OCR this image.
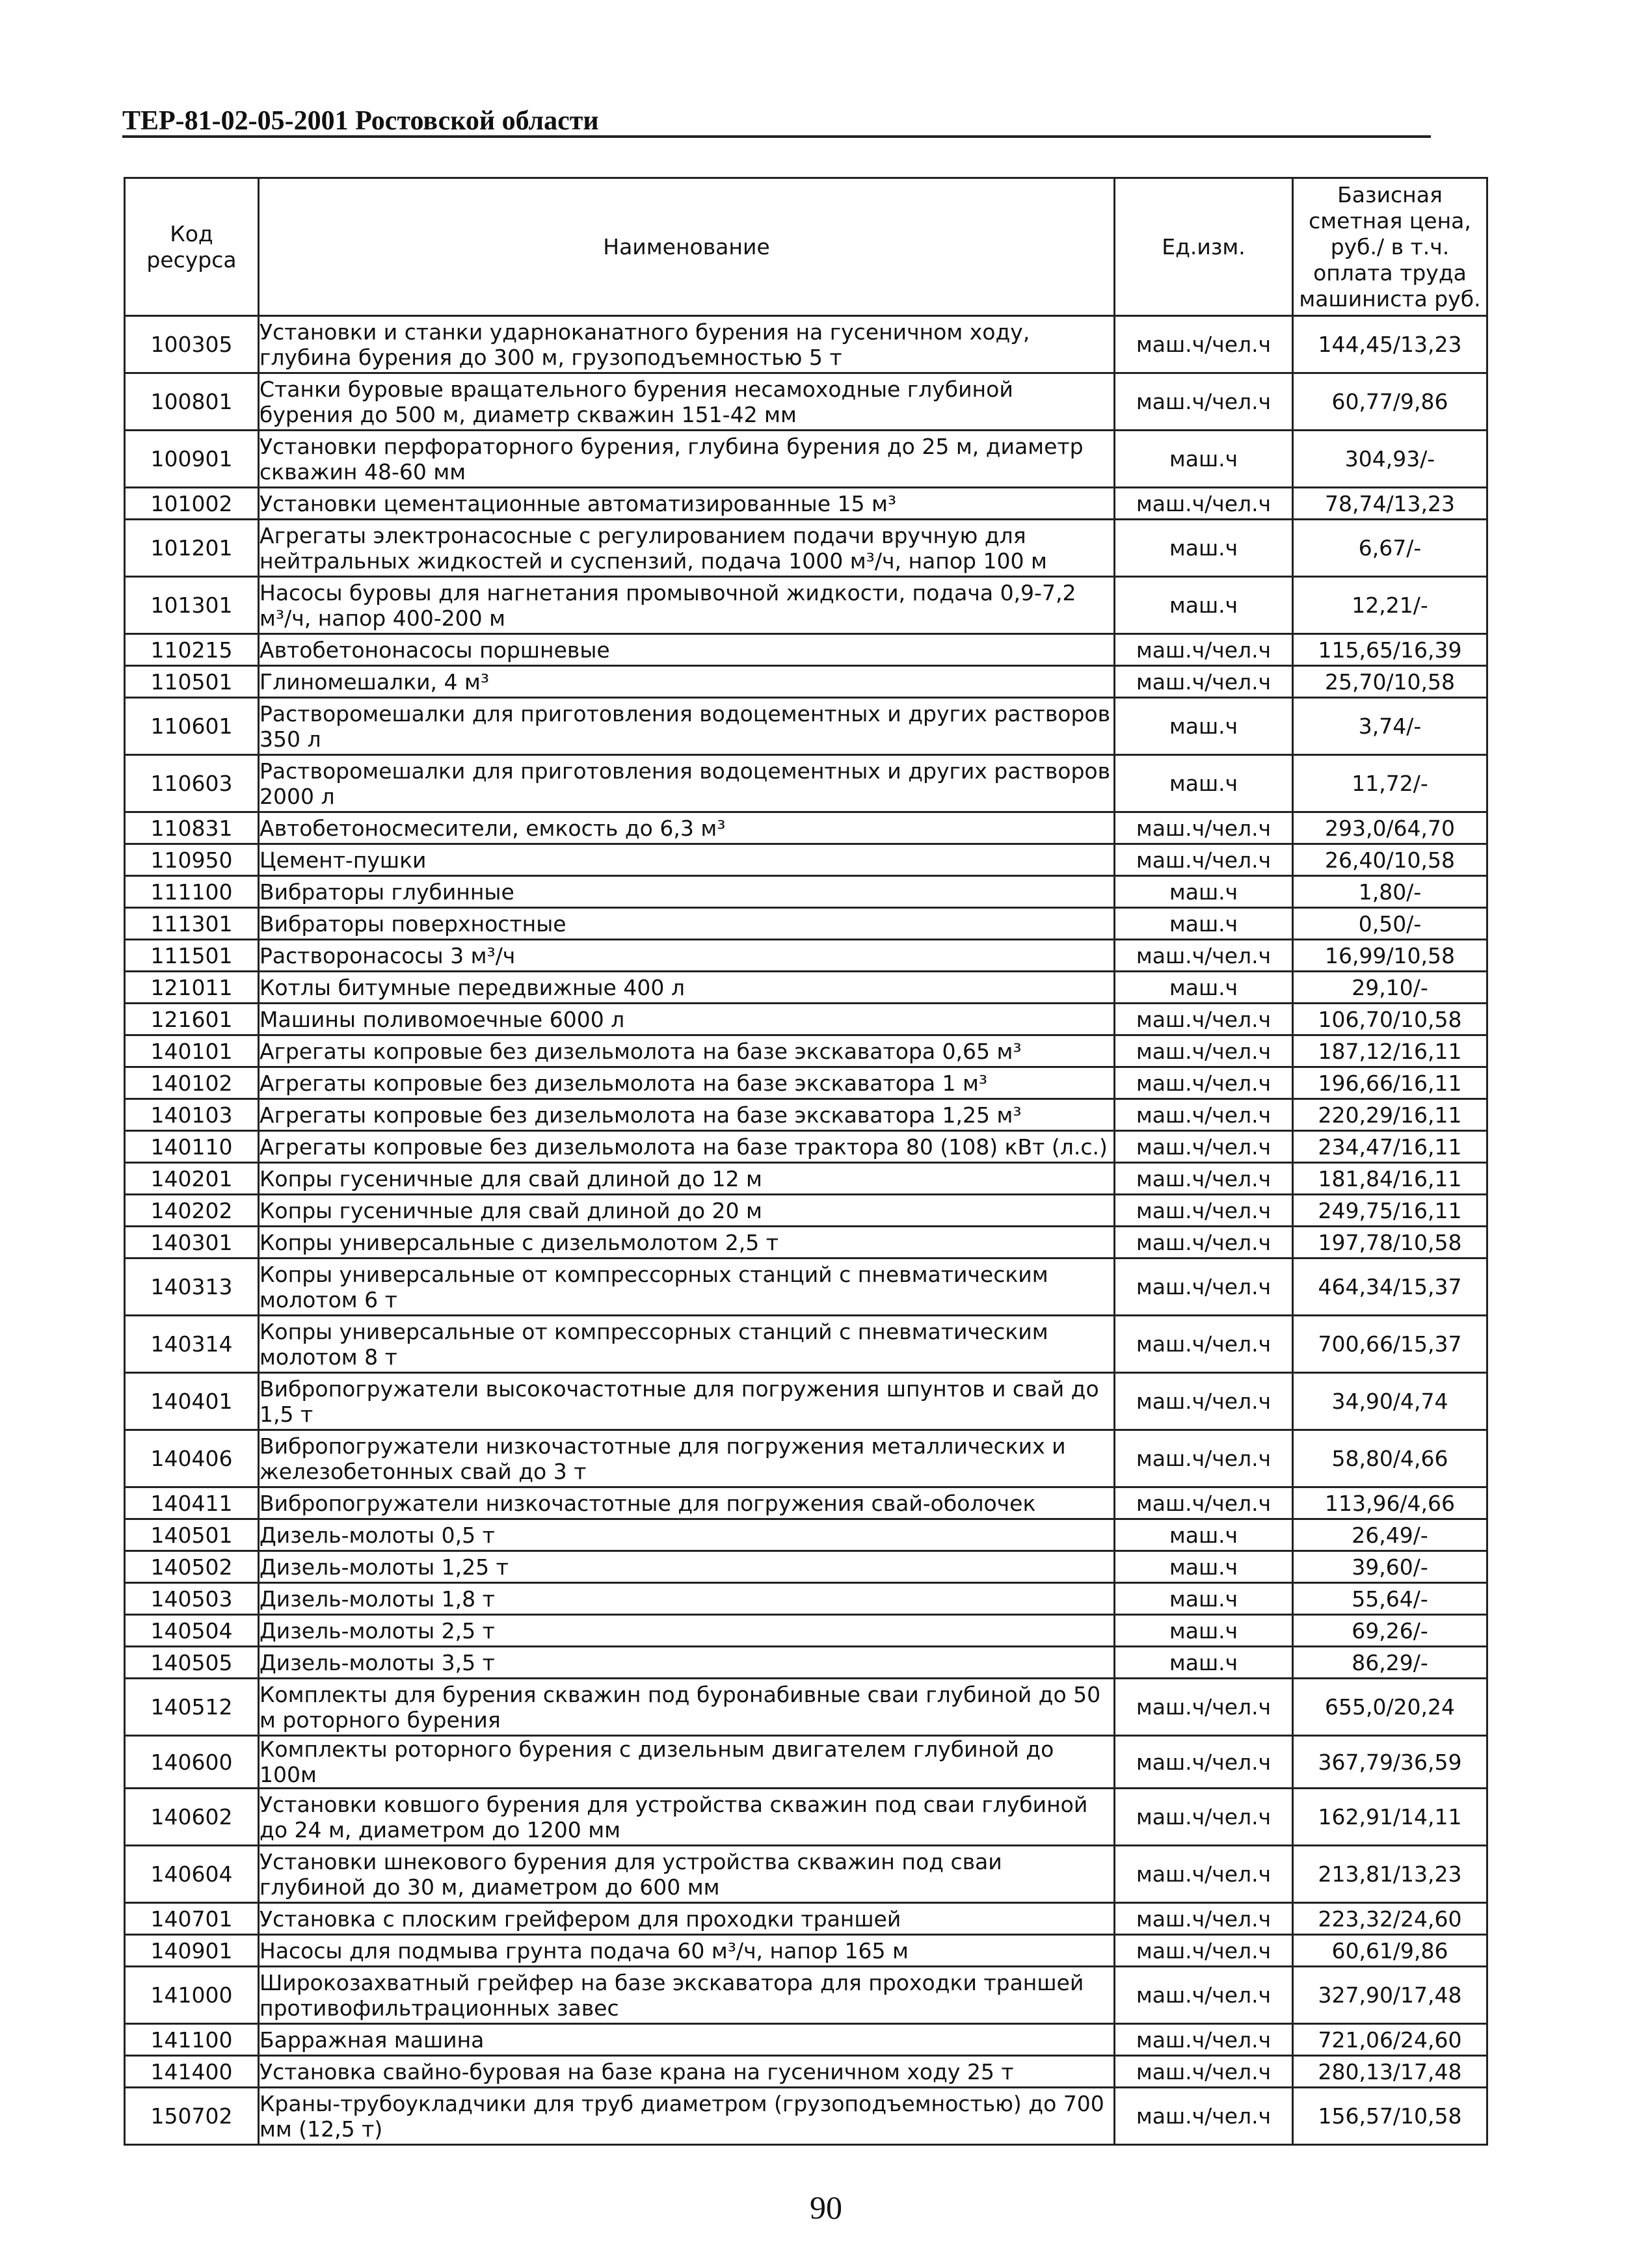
ТЕР-81-02-05-2001 Ростовской области
Код ресурса	Наименование	Ед.изм.	Базисная сметная цена, руб./ в т.ч. оплата труда машиниста руб.
100305	Установки и станки ударноканатного бурения на гусеничном ходу, глубина бурения до 300 м, грузоподъемностью 5 т	маш.ч/чел.ч	144,45/13,23
100801	Станки буровые вращательного бурения несамоходные глубиной бурения до 500 м, диаметр скважин 151-42 мм	маш.ч/чел.ч	60,77/9,86
100901	Установки перфораторного бурения, глубина бурения до 25 м, диаметр скважин 48-60 мм	маш.ч	304,93/-
101002	Установки цементационные автоматизированные 15 м³	маш.ч/чел.ч	78,74/13,23
101201	Агрегаты электронасосные с регулированием подачи вручную для нейтральных жидкостей и суспензий, подача 1000 м³/ч, напор 100 м	маш.ч	6,67/-
101301	Насосы буровы для нагнетания промывочной жидкости, подача 0,9-7,2 м³/ч, напор 400-200 м	маш.ч	12,21/-
110215	Автобетононасосы поршневые	маш.ч/чел.ч	115,65/16,39
110501	Глиномешалки, 4 м³	маш.ч/чел.ч	25,70/10,58
110601	Растворомешалки для приготовления водоцементных и других растворов 350 л	маш.ч	3,74/-
110603	Растворомешалки для приготовления водоцементных и других растворов 2000 л	маш.ч	11,72/-
110831	Автобетоносмесители, емкость до 6,3 м³	маш.ч/чел.ч	293,0/64,70
110950	Цемент-пушки	маш.ч/чел.ч	26,40/10,58
111100	Вибраторы глубинные	маш.ч	1,80/-
111301	Вибраторы поверхностные	маш.ч	0,50/-
111501	Растворонасосы 3 м³/ч	маш.ч/чел.ч	16,99/10,58
121011	Котлы битумные передвижные 400 л	маш.ч	29,10/-
121601	Машины поливомоечные 6000 л	маш.ч/чел.ч	106,70/10,58
140101	Агрегаты копровые без дизельмолота на базе экскаватора 0,65 м³	маш.ч/чел.ч	187,12/16,11
140102	Агрегаты копровые без дизельмолота на базе экскаватора 1 м³	маш.ч/чел.ч	196,66/16,11
140103	Агрегаты копровые без дизельмолота на базе экскаватора 1,25 м³	маш.ч/чел.ч	220,29/16,11
140110	Агрегаты копровые без дизельмолота на базе трактора 80 (108) кВт (л.с.)	маш.ч/чел.ч	234,47/16,11
140201	Копры гусеничные для свай длиной до 12 м	маш.ч/чел.ч	181,84/16,11
140202	Копры гусеничные для свай длиной до 20 м	маш.ч/чел.ч	249,75/16,11
140301	Копры универсальные с дизельмолотом 2,5 т	маш.ч/чел.ч	197,78/10,58
140313	Копры универсальные от компрессорных станций с пневматическим молотом 6 т	маш.ч/чел.ч	464,34/15,37
140314	Копры универсальные от компрессорных станций с пневматическим молотом 8 т	маш.ч/чел.ч	700,66/15,37
140401	Вибропогружатели высокочастотные для погружения шпунтов и свай до 1,5 т	маш.ч/чел.ч	34,90/4,74
140406	Вибропогружатели низкочастотные для погружения металлических и железобетонных свай до 3 т	маш.ч/чел.ч	58,80/4,66
140411	Вибропогружатели низкочастотные для погружения свай-оболочек	маш.ч/чел.ч	113,96/4,66
140501	Дизель-молоты 0,5 т	маш.ч	26,49/-
140502	Дизель-молоты 1,25 т	маш.ч	39,60/-
140503	Дизель-молоты 1,8 т	маш.ч	55,64/-
140504	Дизель-молоты 2,5 т	маш.ч	69,26/-
140505	Дизель-молоты 3,5 т	маш.ч	86,29/-
140512	Комплекты для бурения скважин под буронабивные сваи глубиной до 50 м роторного бурения	маш.ч/чел.ч	655,0/20,24
140600	Комплекты роторного бурения с дизельным двигателем глубиной до 100м	маш.ч/чел.ч	367,79/36,59
140602	Установки ковшого бурения для устройства скважин под сваи глубиной до 24 м, диаметром до 1200 мм	маш.ч/чел.ч	162,91/14,11
140604	Установки шнекового бурения для устройства скважин под сваи глубиной до 30 м, диаметром до 600 мм	маш.ч/чел.ч	213,81/13,23
140701	Установка с плоским грейфером для проходки траншей	маш.ч/чел.ч	223,32/24,60
140901	Насосы для подмыва грунта подача 60 м³/ч, напор 165 м	маш.ч/чел.ч	60,61/9,86
141000	Широкозахватный грейфер на базе экскаватора для проходки траншей противофильтрационных завес	маш.ч/чел.ч	327,90/17,48
141100	Барражная машина	маш.ч/чел.ч	721,06/24,60
141400	Установка свайно-буровая на базе крана на гусеничном ходу 25 т	маш.ч/чел.ч	280,13/17,48
150702	Краны-трубоукладчики для труб диаметром (грузоподъемностью) до 700 мм (12,5 т)	маш.ч/чел.ч	156,57/10,58
90
